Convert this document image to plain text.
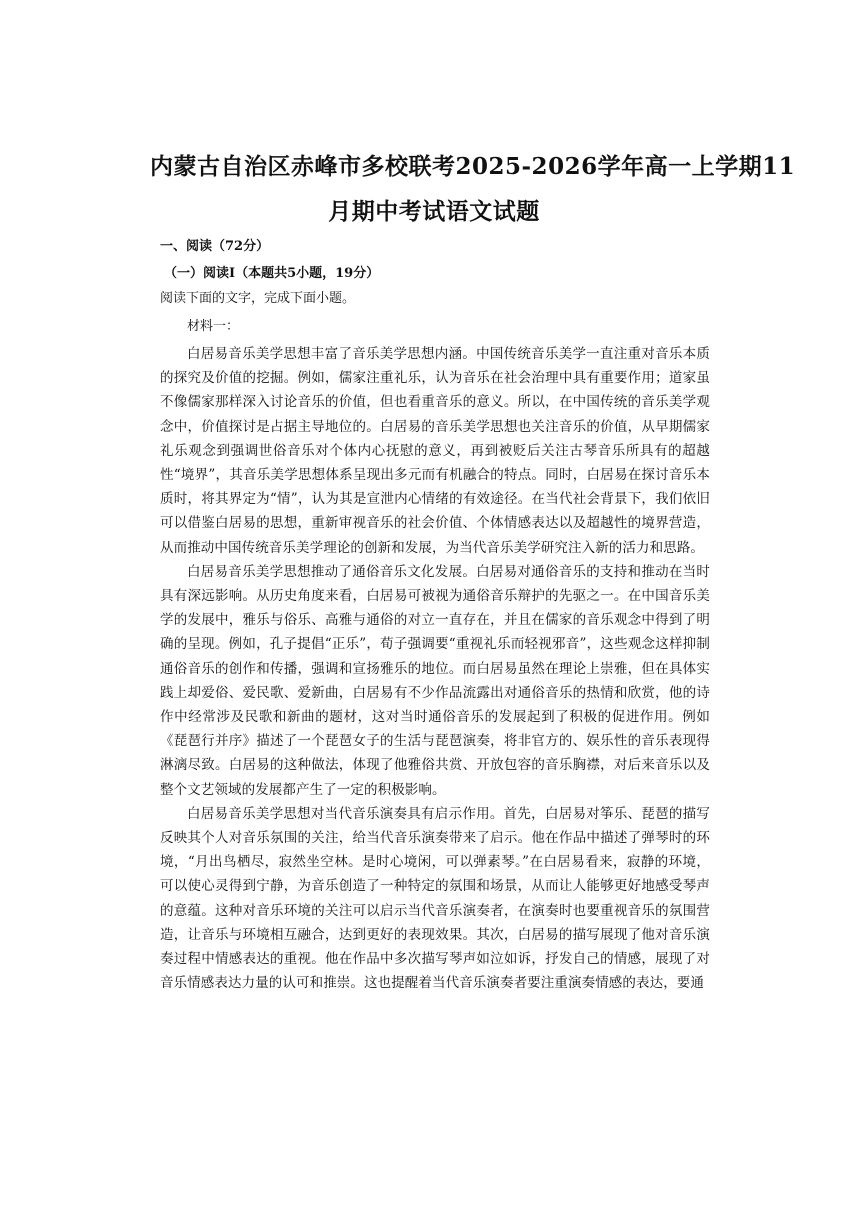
内蒙古自治区赤峰市多校联考2025-2026学年高一上学期11
月期中考试语文试题
一、阅读（72分）
（一）阅读Ⅰ（本题共5小题，19分）
阅读下面的文字，完成下面小题。
材料一：

白居易音乐美学思想丰富了音乐美学思想内涵。中国传统音乐美学一直注重对音乐本质的探究及价值的挖掘。例如，儒家注重礼乐，认为音乐在社会治理中具有重要作用；道家虽不像儒家那样深入讨论音乐的价值，但也看重音乐的意义。所以，在中国传统的音乐美学观念中，价值探讨是占据主导地位的。白居易的音乐美学思想也关注音乐的价值，从早期儒家礼乐观念到强调世俗音乐对个体内心抚慰的意义，再到被贬后关注古琴音乐所具有的超越性“境界”，其音乐美学思想体系呈现出多元而有机融合的特点。同时，白居易在探讨音乐本质时，将其界定为“情”，认为其是宣泄内心情绪的有效途径。在当代社会背景下，我们依旧可以借鉴白居易的思想，重新审视音乐的社会价值、个体情感表达以及超越性的境界营造，从而推动中国传统音乐美学理论的创新和发展，为当代音乐美学研究注入新的活力和思路。

白居易音乐美学思想推动了通俗音乐文化发展。白居易对通俗音乐的支持和推动在当时具有深远影响。从历史角度来看，白居易可被视为通俗音乐辩护的先驱之一。在中国音乐美学的发展中，雅乐与俗乐、高雅与通俗的对立一直存在，并且在儒家的音乐观念中得到了明确的呈现。例如，孔子提倡“正乐”，荀子强调要“重视礼乐而轻视邪音”，这些观念这样抑制通俗音乐的创作和传播，强调和宣扬雅乐的地位。而白居易虽然在理论上崇雅，但在具体实践上却爱俗、爱民歌、爱新曲，白居易有不少作品流露出对通俗音乐的热情和欣赏，他的诗作中经常涉及民歌和新曲的题材，这对当时通俗音乐的发展起到了积极的促进作用。例如《琵琶行并序》描述了一个琵琶女子的生活与琵琶演奏，将非官方的、娱乐性的音乐表现得淋漓尽致。白居易的这种做法，体现了他雅俗共赏、开放包容的音乐胸襟，对后来音乐以及整个文艺领域的发展都产生了一定的积极影响。

白居易音乐美学思想对当代音乐演奏具有启示作用。首先，白居易对筝乐、琵琶的描写反映其个人对音乐氛围的关注，给当代音乐演奏带来了启示。他在作品中描述了弹琴时的环境，“月出鸟栖尽，寂然坐空林。是时心境闲，可以弹素琴。”在白居易看来，寂静的环境，可以使心灵得到宁静，为音乐创造了一种特定的氛围和场景，从而让人能够更好地感受琴声的意蕴。这种对音乐环境的关注可以启示当代音乐演奏者，在演奏时也要重视音乐的氛围营造，让音乐与环境相互融合，达到更好的表现效果。其次，白居易的描写展现了他对音乐演奏过程中情感表达的重视。他在作品中多次描写琴声如泣如诉，抒发自己的情感，展现了对音乐情感表达力量的认可和推崇。这也提醒着当代音乐演奏者要注重演奏情感的表达，要通
